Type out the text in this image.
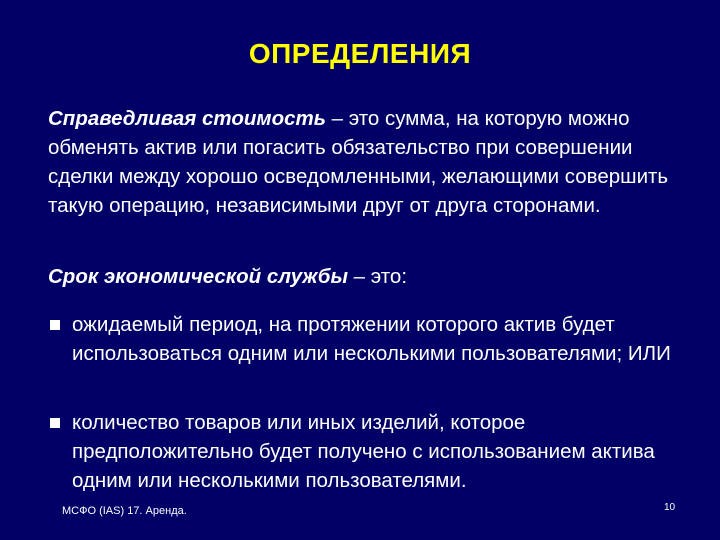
ОПРЕДЕЛЕНИЯ
Справедливая стоимость – это сумма, на которую можно обменять актив или погасить обязательство при совершении сделки между хорошо осведомленными, желающими совершить такую операцию, независимыми друг от друга сторонами.
Срок экономической службы – это:
ожидаемый период, на протяжении которого актив будет использоваться одним или несколькими пользователями; ИЛИ
количество товаров или иных изделий, которое предположительно будет получено с использованием актива одним или несколькими пользователями.
МСФО (IAS) 17. Аренда.	10
